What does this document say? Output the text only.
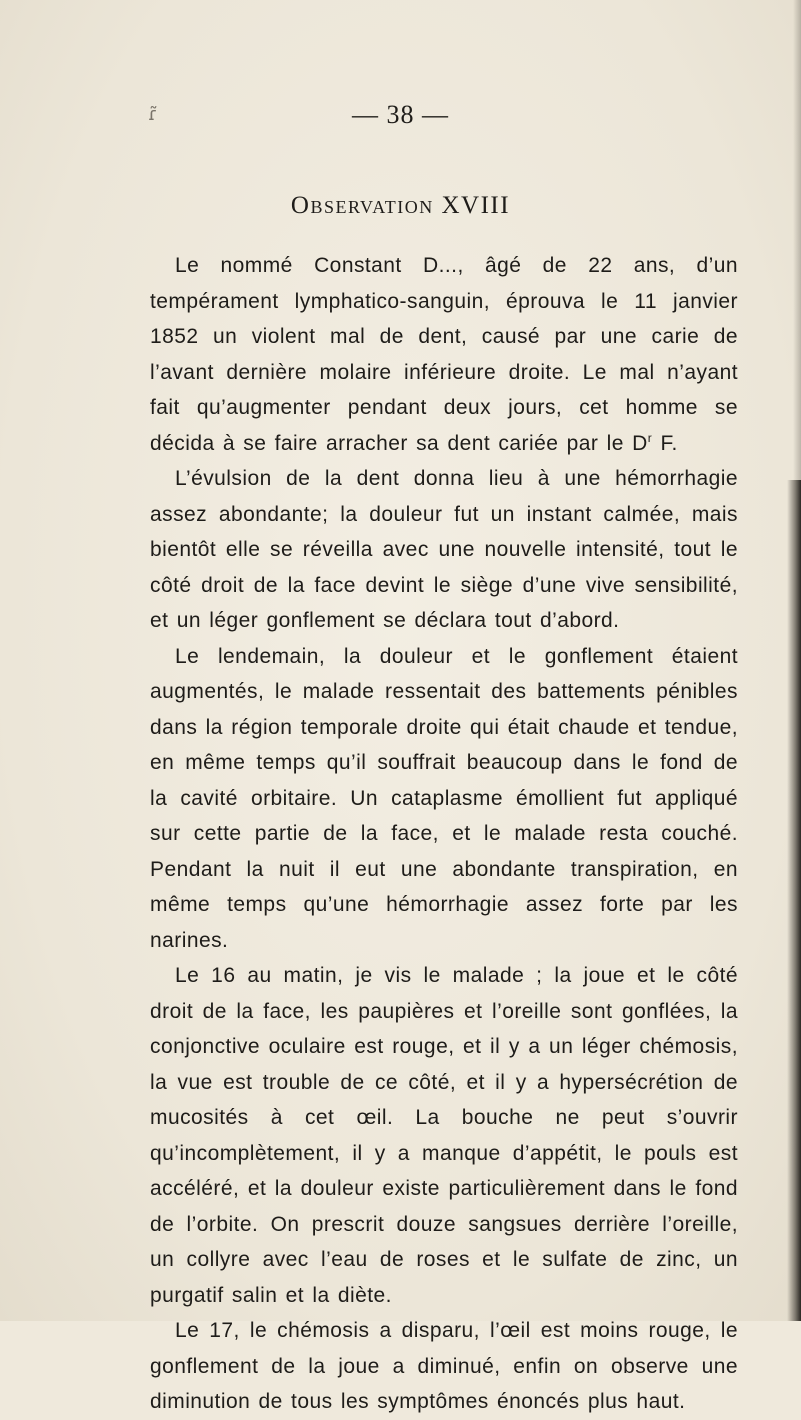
ɾ̃	— 38 —
Observation XVIII

Le nommé Constant D..., âgé de 22 ans, d’un tempérament lymphatico-sanguin, éprouva le 11 janvier 1852 un violent mal de dent, causé par une carie de l’avant dernière molaire inférieure droite. Le mal n’ayant fait qu’augmenter pendant deux jours, cet homme se décida à se faire arracher sa dent cariée par le $D^r$ F.

L’évulsion de la dent donna lieu à une hémorrhagie assez abondante; la douleur fut un instant calmée, mais bientôt elle se réveilla avec une nouvelle intensité, tout le côté droit de la face devint le siège d’une vive sensibilité, et un léger gonflement se déclara tout d’abord.

Le lendemain, la douleur et le gonflement étaient augmentés, le malade ressentait des battements pénibles dans la région temporale droite qui était chaude et tendue, en même temps qu’il souffrait beaucoup dans le fond de la cavité orbitaire. Un cataplasme émollient fut appliqué sur cette partie de la face, et le malade resta couché. Pendant la nuit il eut une abondante transpiration, en même temps qu’une hémorrhagie assez forte par les narines.

Le 16 au matin, je vis le malade ; la joue et le côté droit de la face, les paupières et l’oreille sont gonflées, la conjonctive oculaire est rouge, et il y a un léger chémosis, la vue est trouble de ce côté, et il y a hypersécrétion de mucosités à cet œil. La bouche ne peut s’ouvrir qu’incomplètement, il y a manque d’appétit, le pouls est accéléré, et la douleur existe particulièrement dans le fond de l’orbite. On prescrit douze sangsues derrière l’oreille, un collyre avec l’eau de roses et le sulfate de zinc, un purgatif salin et la diète.

Le 17, le chémosis a disparu, l’œil est moins rouge, le gonflement de la joue a diminué, enfin on observe une diminution de tous les symptômes énoncés plus haut.
